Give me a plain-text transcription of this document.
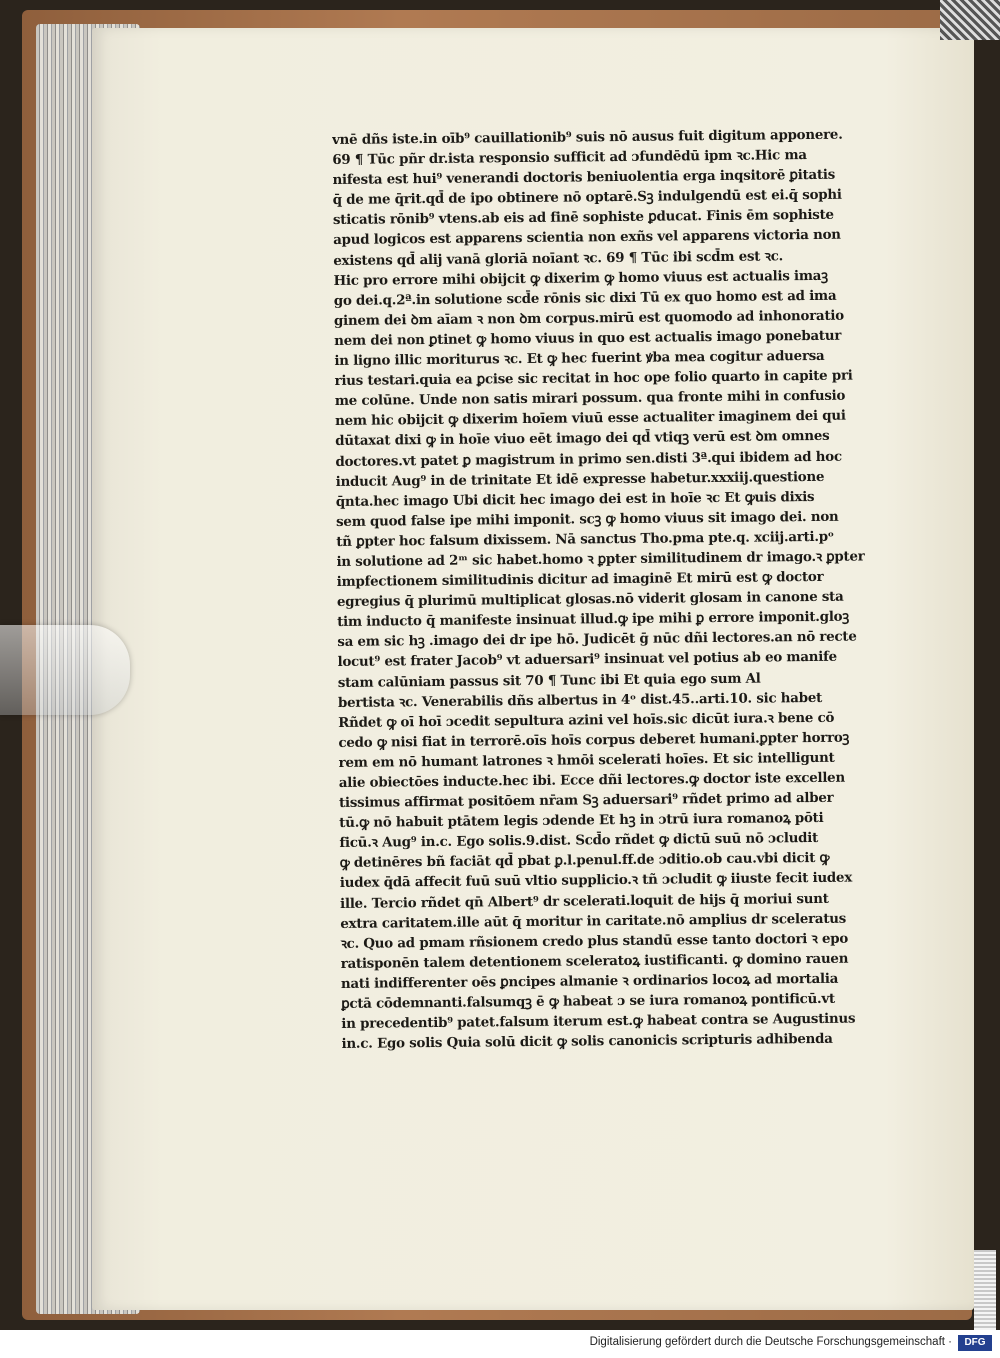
vnē dñs iste.in oīb⁹ cauillationib⁹ suis nō ausus fuit digitum apponere.
69 ¶ Tūc pñr dr.ista responsio sufficit ad ɔfundēdū ipm ꝛc.Hic ma
nifesta est hui⁹ venerandi doctoris beniuolentia erga inqsitorē ꝑitatis
q̄ de me q̄rit.qd̄ de ipo obtinere nō optarē.Sꝫ indulgendū est ei.q̄ sophi
sticatis rōnib⁹ vtens.ab eis ad finē sophiste ꝑducat. Finis ēm sophiste
apud logicos est apparens scientia non exñs vel apparens victoria non
existens qd̄ alij vanā gloriā noīant ꝛc. 69 ¶ Tūc ibi scd̄m est ꝛc.
Hic pro errore mihi obijcit ꝙ dixerim ꝙ homo viuus est actualis imaꝫ
go dei.q.2ª.in solutione scd̄e rōnis sic dixi Tū ex quo homo est ad ima
ginem dei ꝺm aīam ꝛ non ꝺm corpus.mirū est quomodo ad inhonoratio
nem dei non ꝑtinet ꝙ homo viuus in quo est actualis imago ponebatur
in ligno illic moriturus ꝛc. Et ꝙ hec fuerint ꝟba mea cogitur aduersa
rius testari.quia ea ꝑcise sic recitat in hoc ope folio quarto in capite pri
me colūne. Unde non satis mirari possum. qua fronte mihi in confusio
nem hic obijcit ꝙ dixerim hoīem viuū esse actualiter imaginem dei qui
dūtaxat dixi ꝙ in hoīe viuo eēt imago dei qd̄ vtiqꝫ verū est ꝺm omnes
doctores.vt patet ꝑ magistrum in primo sen.disti 3ª.qui ibidem ad hoc
inducit Aug⁹ in de trinitate Et idē expresse habetur.xxxiij.questione
q̄nta.hec imago Ubi dicit hec imago dei est in hoīe ꝛc Et ꝙuis dixis
sem quod false ipe mihi imponit. scꝫ ꝙ homo viuus sit imago dei. non
tñ ꝑpter hoc falsum dixissem. Nā sanctus Tho.pma pte.q. xciij.arti.pᵒ
in solutione ad 2ᵐ sic habet.homo ꝛ ꝑpter similitudinem dr imago.ꝛ ꝑpter
impfectionem similitudinis dicitur ad imaginē Et mirū est ꝙ doctor
egregius q̄ plurimū multiplicat glosas.nō viderit glosam in canone sta
tim inducto q̄ manifeste insinuat illud.ꝙ ipe mihi ꝑ errore imponit.gloꝫ
sa em sic hꝫ .imago dei dr ipe hō. Judicēt ḡ nūc dñi lectores.an nō recte
locut⁹ est frater Jacob⁹ vt aduersari⁹ insinuat vel potius ab eo manife
stam calūniam passus sit 70 ¶ Tunc ibi Et quia ego sum Al
bertista ꝛc. Venerabilis dñs albertus in 4ᵒ dist.45..arti.10. sic habet
Rñdet ꝙ oī hoī ɔcedit sepultura azini vel hoīs.sic dicūt iura.ꝛ bene cō
cedo ꝙ nisi fiat in terrorē.oīs hoīs corpus deberet humani.ꝑpter horroꝫ
rem em nō humant latrones ꝛ hmōi scelerati hoīes. Et sic intelligunt
alie obiectōes inducte.hec ibi. Ecce dñi lectores.ꝙ doctor iste excellen
tissimus affirmat positōem nr̄am Sꝫ aduersari⁹ rñdet primo ad alber
tū.ꝙ nō habuit ptātem legis ɔdende Et hꝫ in ɔtrū iura romanoꝝ pōti
ficū.ꝛ Aug⁹ in.c. Ego solis.9.dist. Scd̄o rñdet ꝙ dictū suū nō ɔcludit
ꝙ detinēres bñ faciāt qd̄ pbat ꝑ.l.penul.ff.de ɔditio.ob cau.vbi dicit ꝙ
iudex q̄dā affecit fuū suū vltio supplicio.ꝛ tñ ɔcludit ꝙ iiuste fecit iudex
ille. Tercio rñdet qn̄ Albert⁹ dr scelerati.loquit de hijs q̄ moriui sunt
extra caritatem.ille aūt q̄ moritur in caritate.nō amplius dr sceleratus
ꝛc. Quo ad pmam rñsionem credo plus standū esse tanto doctori ꝛ epo
ratisponēn talem detentionem sceleratoꝝ iustificanti. ꝙ domino rauen
nati indifferenter oēs ꝑncipes almanie ꝛ ordinarios locoꝝ ad mortalia
ꝑctā cōdemnanti.falsumqꝫ ē ꝙ habeat ɔ se iura romanoꝝ pontificū.vt
in precedentib⁹ patet.falsum iterum est.ꝙ habeat contra se Augustinus
in.c. Ego solis Quia solū dicit ꝙ solis canonicis scripturis adhibenda
Digitalisierung gefördert durch die Deutsche Forschungsgemeinschaft ·	DFG
